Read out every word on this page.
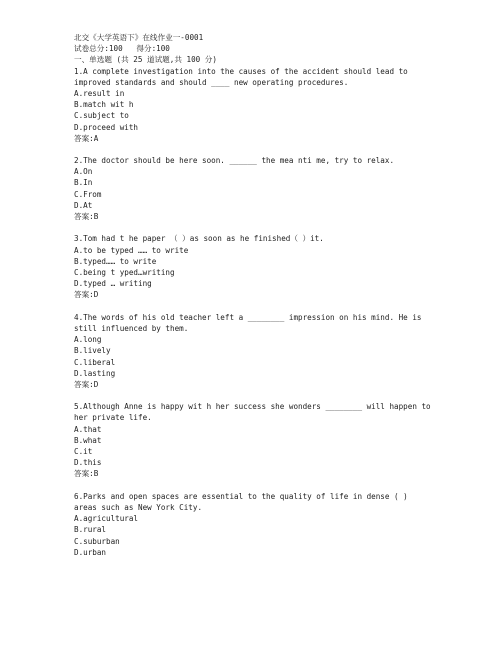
北交《大学英语下》在线作业一-0001
试卷总分:100   得分:100
一、单选题 (共 25 道试题,共 100 分)
1.A complete investigation into the causes of the accident should lead to improved standards and should ____ new operating procedures.
A.result in
B.match wit h
C.subject to
D.proceed with
答案:A
2.The doctor should be here soon. ______ the mea nti me, try to relax.
A.On
B.In
C.From
D.At
答案:B
3.Tom had t he paper （ ）as soon as he finished（ ）it.
A.to be typed …… to write
B.typed…… to write
C.being t yped…writing
D.typed … writing
答案:D
4.The words of his old teacher left a ________ impression on his mind. He is still influenced by them.
A.long
B.lively
C.liberal
D.lasting
答案:D
5.Although Anne is happy wit h her success she wonders ________ will happen to her private life.
A.that
B.what
C.it
D.this
答案:B
6.Parks and open spaces are essential to the quality of life in dense ( ) areas such as New York City.
A.agricultural
B.rural
C.suburban
D.urban
